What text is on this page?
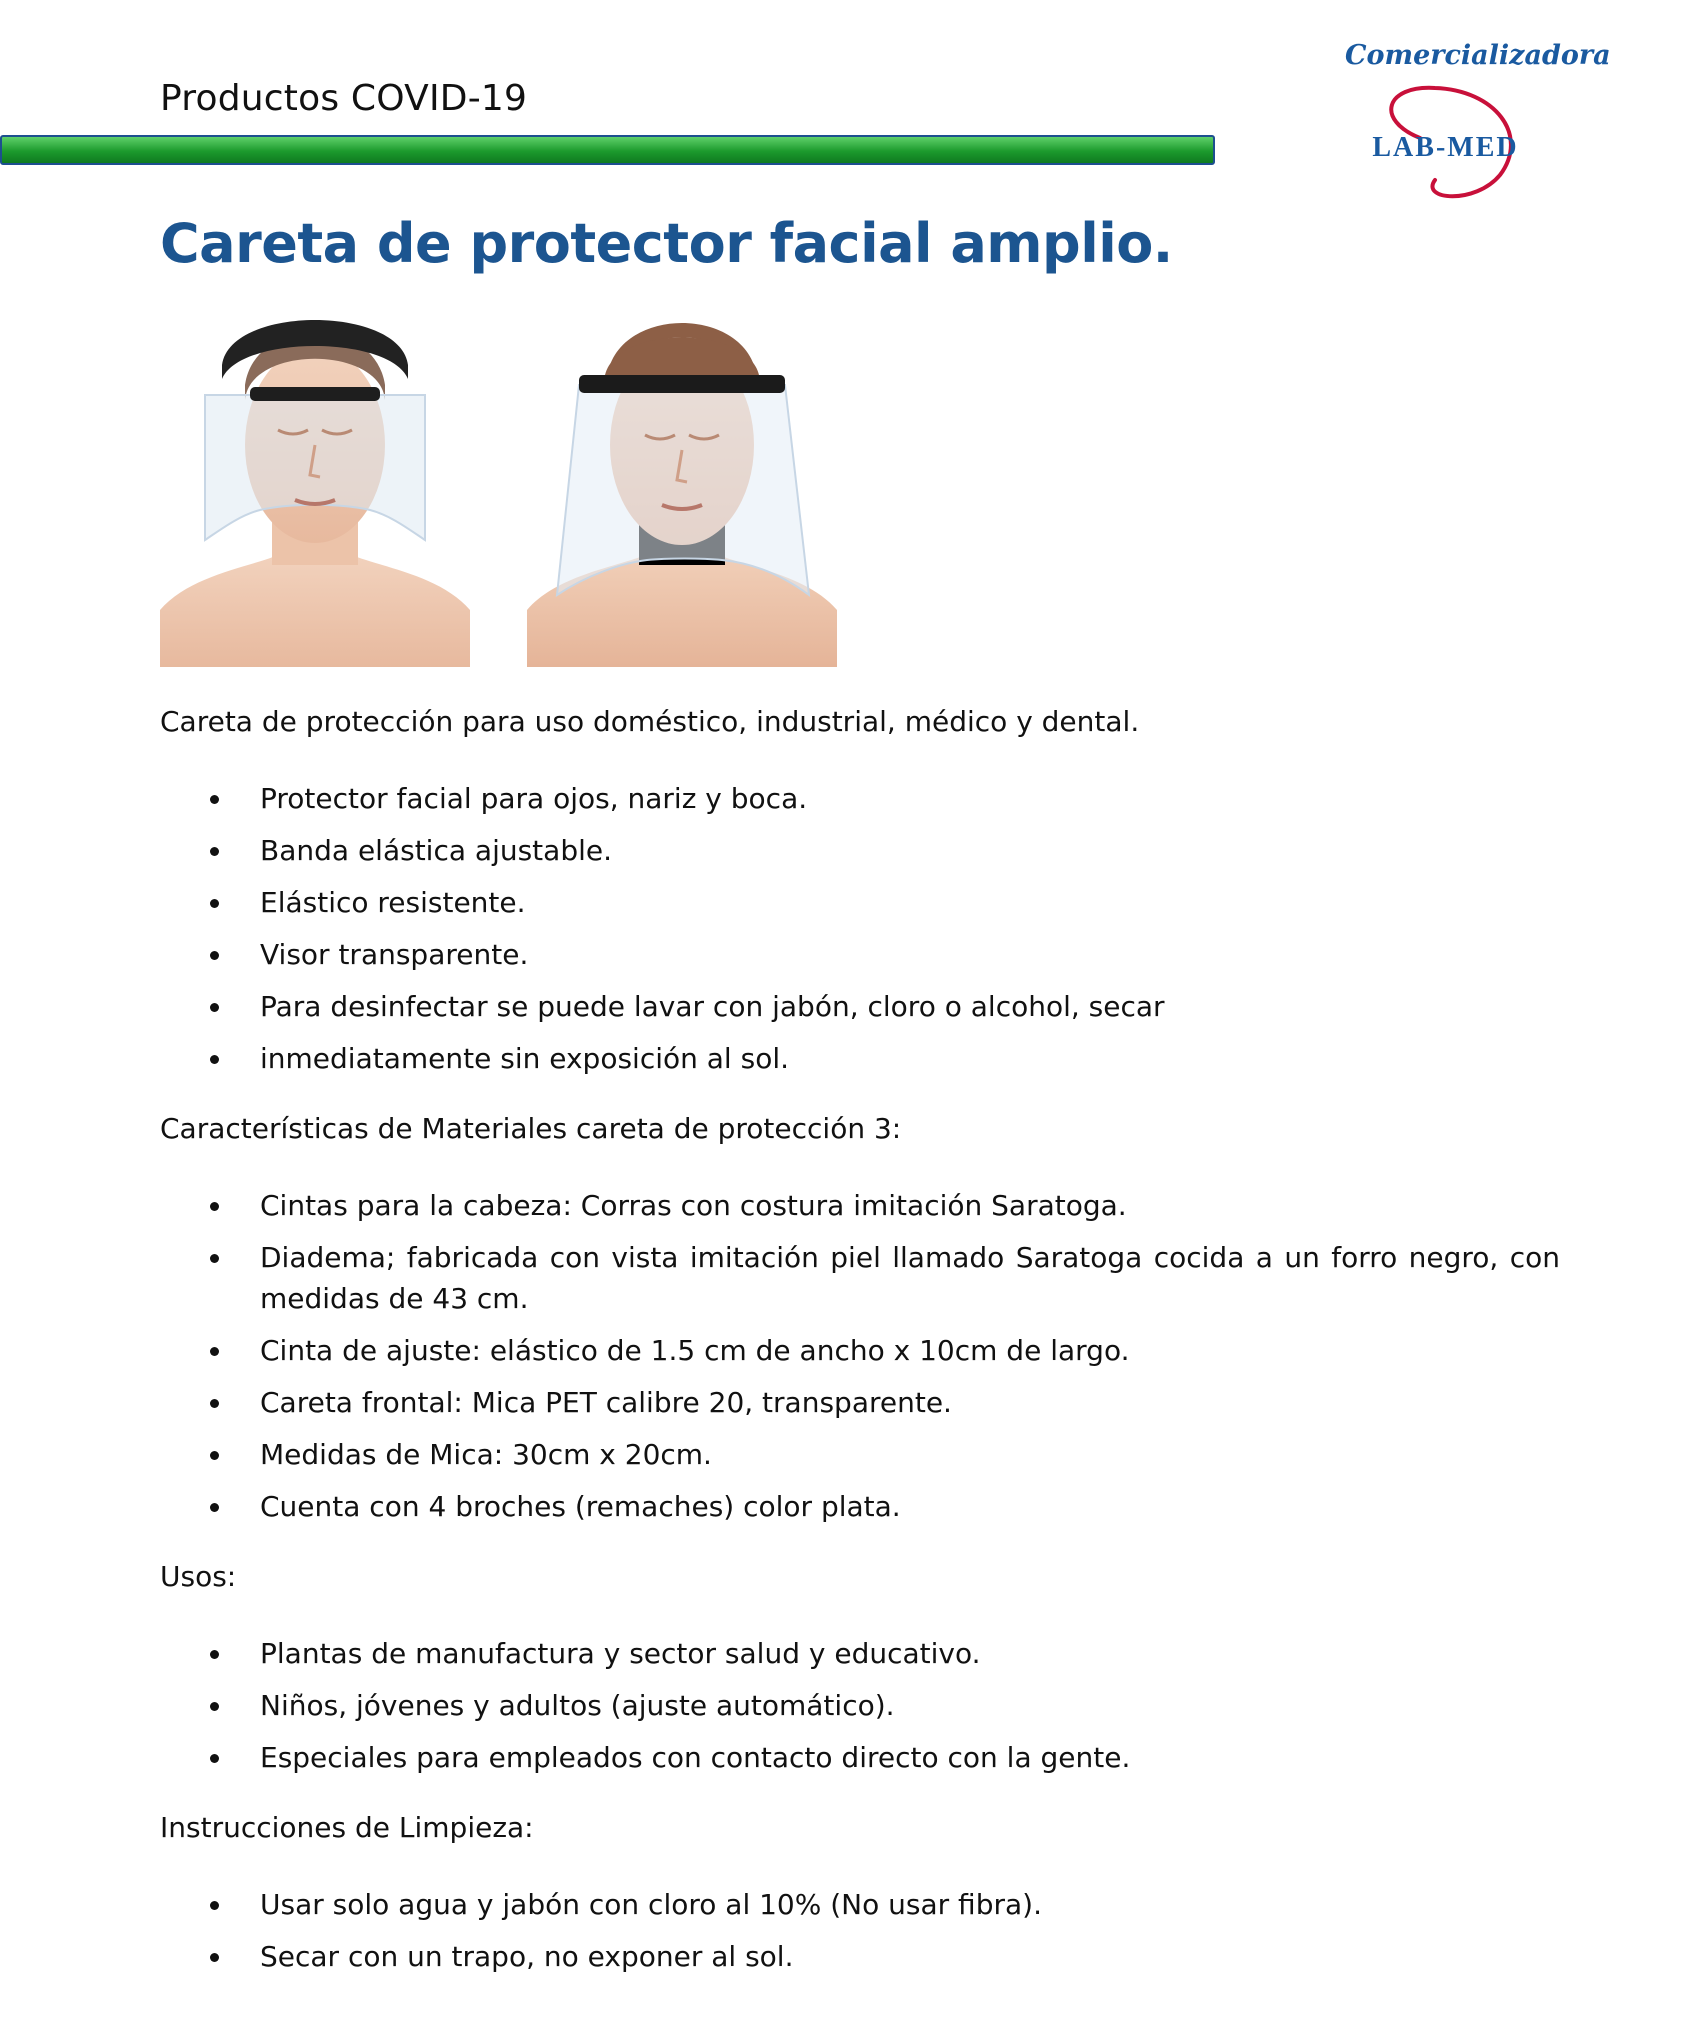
Productos COVID-19
Comercializadora
LAB-MED
Careta de protector facial amplio.

Careta de protección para uso doméstico, industrial, médico y dental.

Protector facial para ojos, nariz y boca.
Banda elástica ajustable.
Elástico resistente.
Visor transparente.
Para desinfectar se puede lavar con jabón, cloro o alcohol, secar
inmediatamente sin exposición al sol.

Características de Materiales careta de protección 3:

Cintas para la cabeza: Corras con costura imitación Saratoga.
Diadema; fabricada con vista imitación piel llamado Saratoga cocida a un forro negro, con medidas de 43 cm.
Cinta de ajuste: elástico de 1.5 cm de ancho x 10cm de largo.
Careta frontal: Mica PET calibre 20, transparente.
Medidas de Mica: 30cm x 20cm.
Cuenta con 4 broches (remaches) color plata.

Usos:

Plantas de manufactura y sector salud y educativo.
Niños, jóvenes y adultos (ajuste automático).
Especiales para empleados con contacto directo con la gente.

Instrucciones de Limpieza:

Usar solo agua y jabón con cloro al 10% (No usar fibra).
Secar con un trapo, no exponer al sol.
